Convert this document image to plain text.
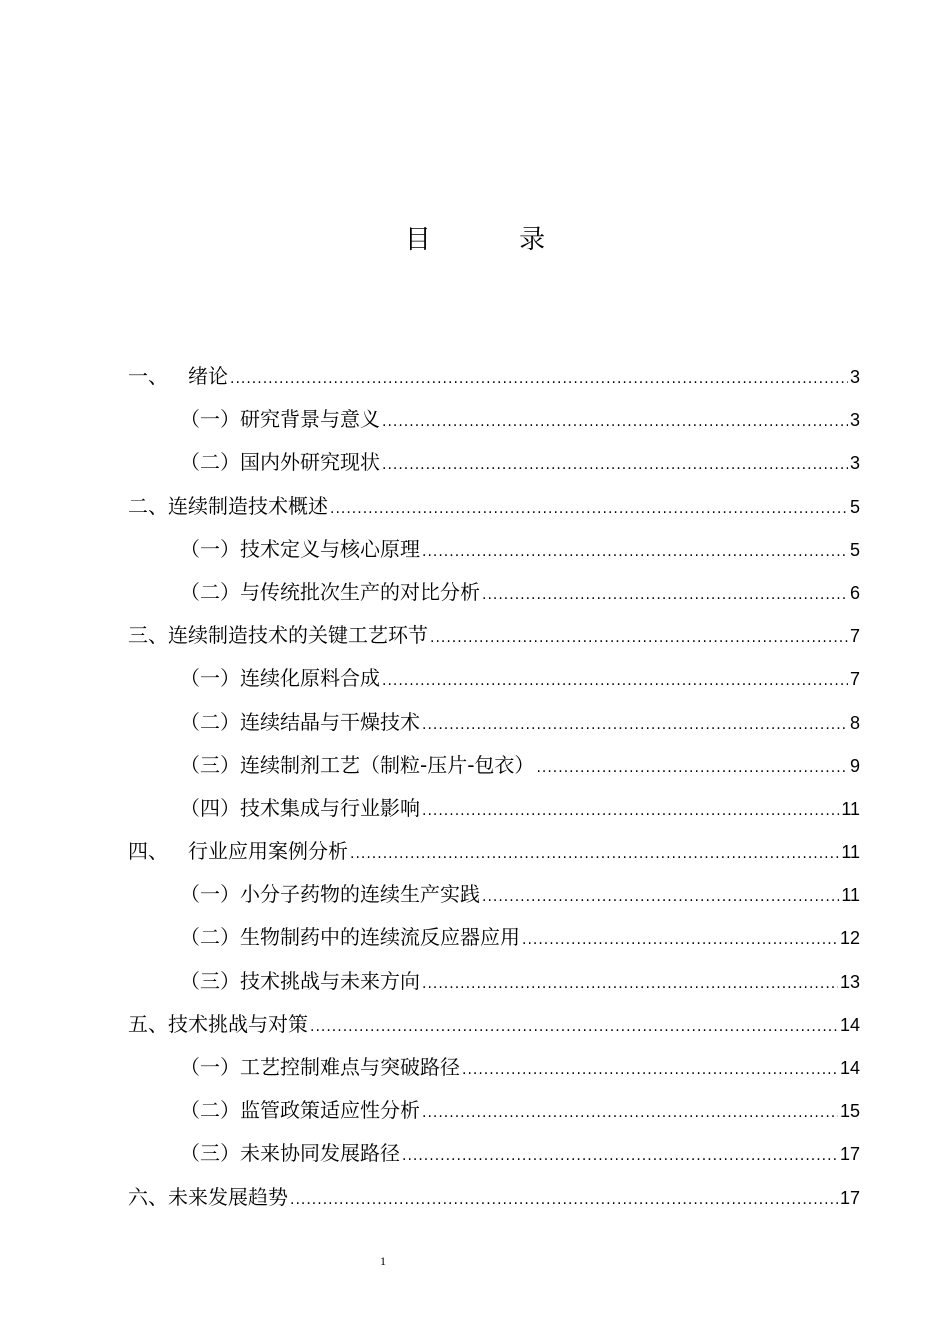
目 录
一、	绪论 .....	3
（一） 研究背景与意义 .....	3
（二） 国内外研究现状 .....	3
二、 连续制造技术概述 .....	5
（一） 技术定义与核心原理 .....	5
（二） 与传统批次生产的对比分析 .....	6
三、 连续制造技术的关键工艺环节 .....	7
（一） 连续化原料合成 .....	7
（二） 连续结晶与干燥技术 .....	8
（三） 连续制剂工艺（制粒-压片-包衣） .....	9
（四） 技术集成与行业影响 .....	11
四、	行业应用案例分析 .....	11
（一） 小分子药物的连续生产实践 .....	11
（二） 生物制药中的连续流反应器应用 .....	12
（三） 技术挑战与未来方向 .....	13
五、 技术挑战与对策 .....	14
（一） 工艺控制难点与突破路径 .....	14
（二） 监管政策适应性分析 .....	15
（三） 未来协同发展路径 .....	17
六、 未来发展趋势 .....	17
1
